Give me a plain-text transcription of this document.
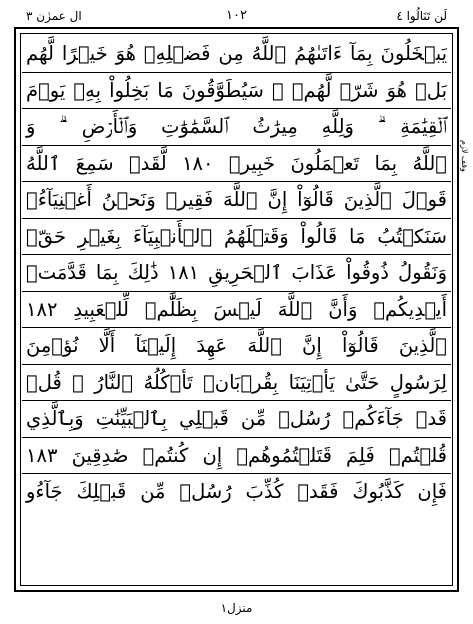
ال عمرٰن ٣	١٠٢	لَن تَنَالُوا ٤
يَبۡخَلُونَ بِمَآ ءَاتَىٰهُمُ ٱللَّهُ مِن فَضۡلِهِۦ هُوَ خَيۡرًا لَّهُم
بَلۡ هُوَ شَرّٞ لَّهُمۡ ۖ سَيُطَوَّقُونَ مَا بَخِلُواْ بِهِۦ يَوۡمَ
ٱلۡقِيَٰمَةِ ۗ وَلِلَّهِ مِيرَٰثُ ٱلسَّمَٰوَٰتِ وَٱلۡأَرۡضِ ۗ وَ
ٱللَّهُ بِمَا تَعۡمَلُونَ خَبِيرٞ ١٨٠ لَّقَدۡ سَمِعَ ٱللَّهُ
قَوۡلَ ٱلَّذِينَ قَالُوٓاْ إِنَّ ٱللَّهَ فَقِيرٞ وَنَحۡنُ أَغۡنِيَآءُۘ
سَنَكۡتُبُ مَا قَالُواْ وَقَتۡلَهُمُ ٱلۡأَنۢبِيَآءَ بِغَيۡرِ حَقّٖ
وَنَقُولُ ذُوقُواْ عَذَابَ ٱلۡحَرِيقِ ١٨١ ذَٰلِكَ بِمَا قَدَّمَتۡ
أَيۡدِيكُمۡ وَأَنَّ ٱللَّهَ لَيۡسَ بِظَلَّٰمٖ لِّلۡعَبِيدِ ١٨٢
ٱلَّذِينَ قَالُوٓاْ إِنَّ ٱللَّهَ عَهِدَ إِلَيۡنَآ أَلَّا نُؤۡمِنَ
لِرَسُولٍ حَتَّىٰ يَأۡتِيَنَا بِقُرۡبَانٖ تَأۡكُلُهُ ٱلنَّارُ ۗ قُلۡ
قَدۡ جَآءَكُمۡ رُسُلٞ مِّن قَبۡلِي بِٱلۡبَيِّنَٰتِ وَبِٱلَّذِي
قُلۡتُمۡ فَلِمَ قَتَلۡتُمُوهُمۡ إِن كُنتُمۡ صَٰدِقِينَ ١٨٣
فَإِن كَذَّبُوكَ فَقَدۡ كُذِّبَ رُسُلٞ مِّن قَبۡلِكَ جَآءُو
وقف لازم
منزل١
